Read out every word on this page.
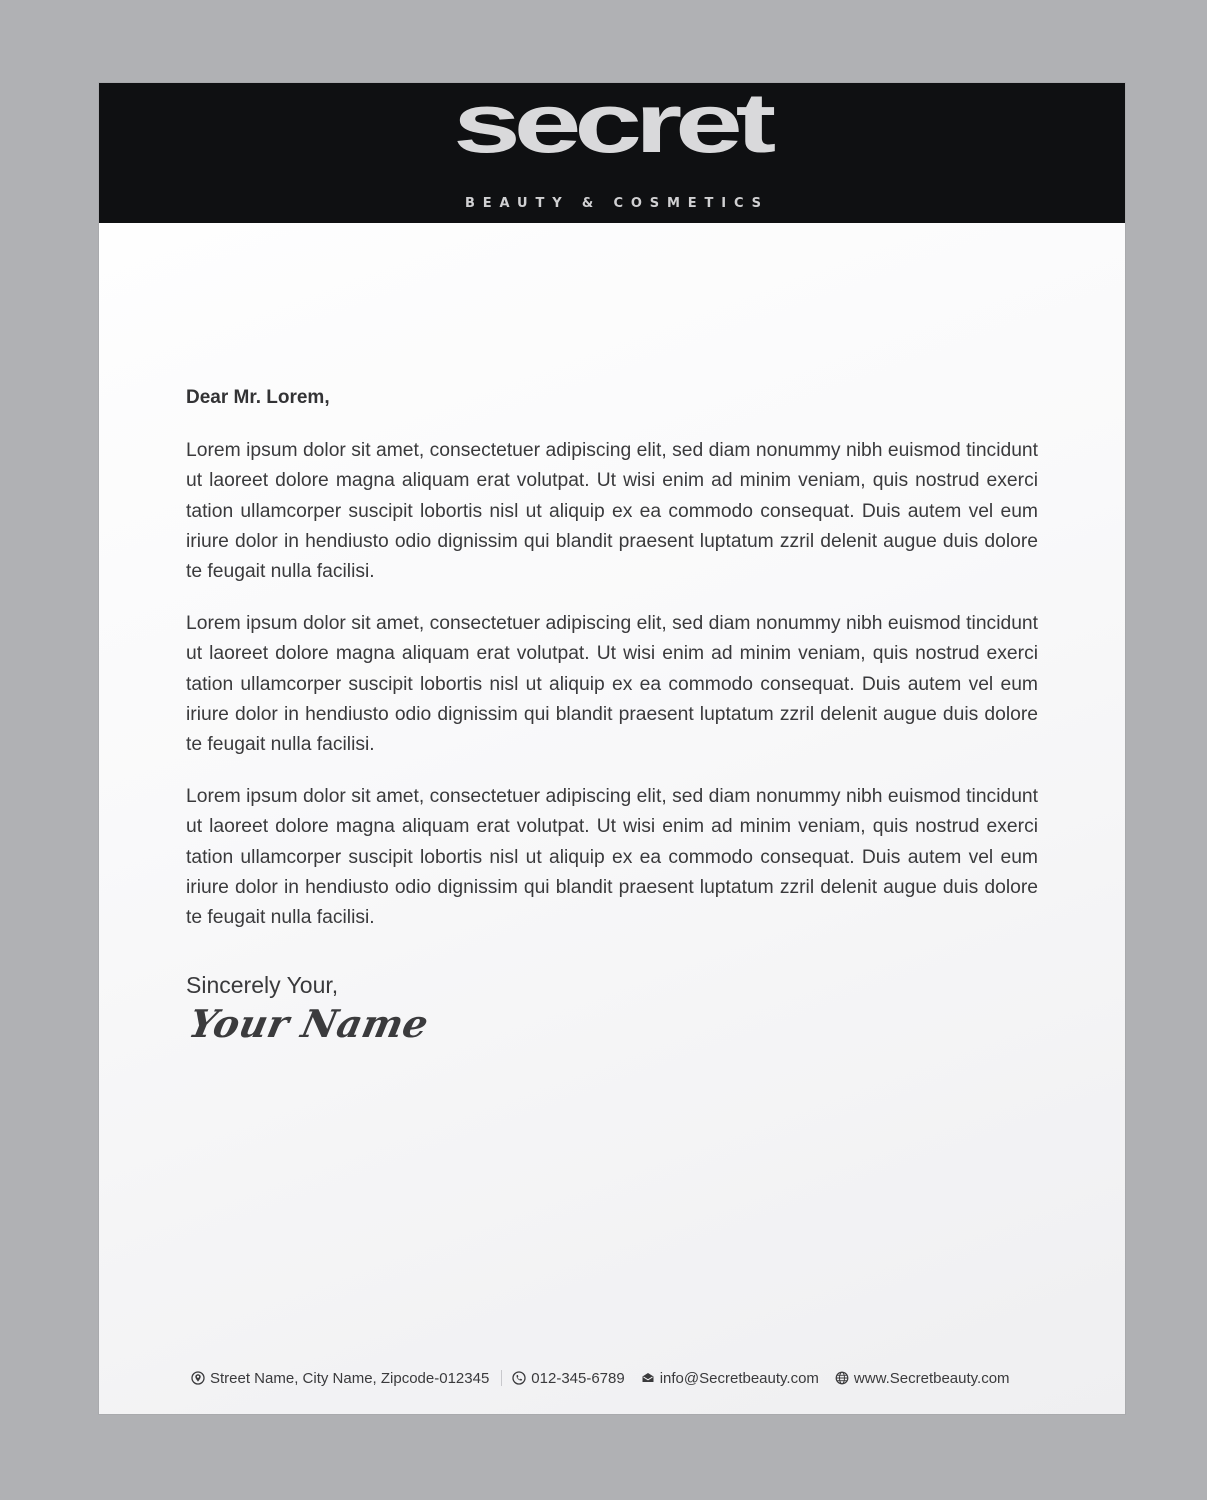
secret
BEAUTY & COSMETICS
Dear Mr. Lorem,

Lorem ipsum dolor sit amet, consectetuer adipiscing elit, sed diam nonummy nibh euismod tincidunt ut laoreet dolore magna aliquam erat volutpat. Ut wisi enim ad minim veniam, quis nostrud exerci tation ullamcorper suscipit lobortis nisl ut aliquip ex ea commodo consequat. Duis autem vel eum iriure dolor in hendiusto odio dignissim qui blandit praesent luptatum zzril delenit augue duis dolore te feugait nulla facilisi.

Lorem ipsum dolor sit amet, consectetuer adipiscing elit, sed diam nonummy nibh euismod tincidunt ut laoreet dolore magna aliquam erat volutpat. Ut wisi enim ad minim veniam, quis nostrud exerci tation ullamcorper suscipit lobortis nisl ut aliquip ex ea commodo consequat. Duis autem vel eum iriure dolor in hendiusto odio dignissim qui blandit praesent luptatum zzril delenit augue duis dolore te feugait nulla facilisi.

Lorem ipsum dolor sit amet, consectetuer adipiscing elit, sed diam nonummy nibh euismod tincidunt ut laoreet dolore magna aliquam erat volutpat. Ut wisi enim ad minim veniam, quis nostrud exerci tation ullamcorper suscipit lobortis nisl ut aliquip ex ea commodo consequat. Duis autem vel eum iriure dolor in hendiusto odio dignissim qui blandit praesent luptatum zzril delenit augue duis dolore te feugait nulla facilisi.

Sincerely Your,
Your Name
Street Name, City Name, Zipcode-012345	012-345-6789 info@Secretbeauty.com www.Secretbeauty.com
